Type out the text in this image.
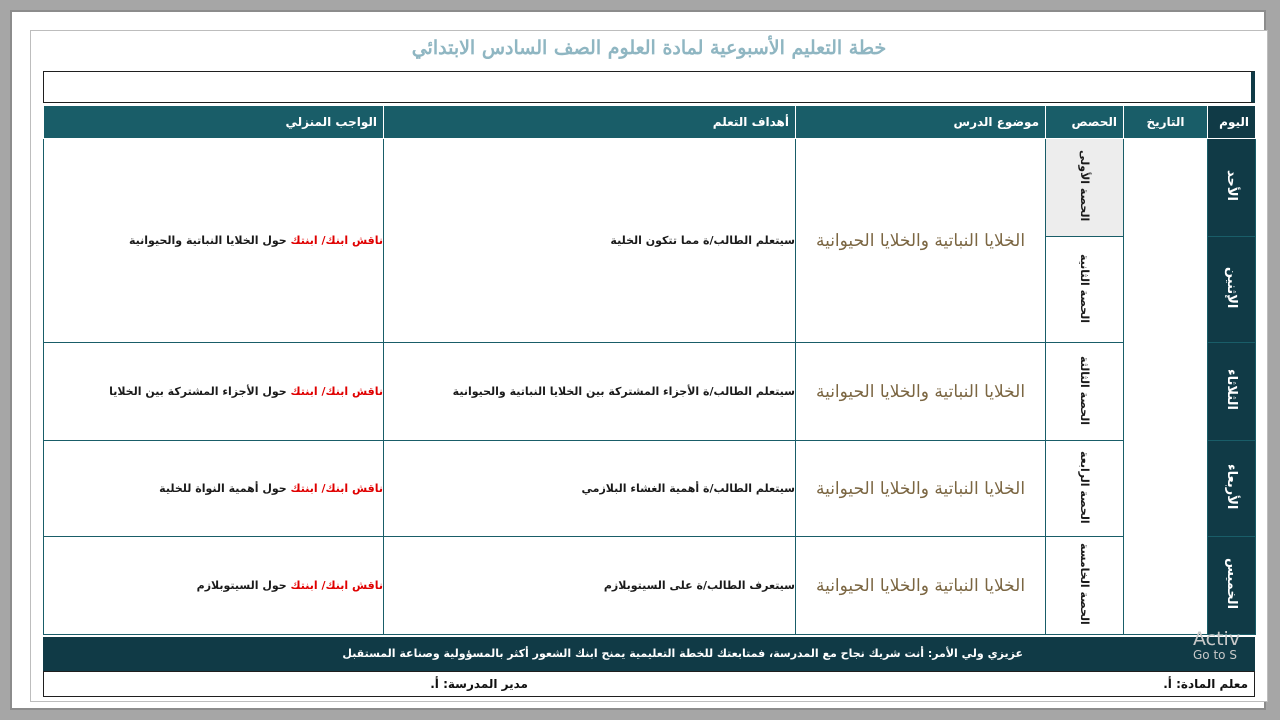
خطة التعليم الأسبوعية لمادة العلوم الصف السادس الابتدائي
اليوم	التاريخ	الحصص	موضوع الدرس	أهداف التعلم	الواجب المنزلي
الأحد		الحصة الأولى	الخلايا النباتية والخلايا الحيوانية	سيتعلم الطالب/ة مما تتكون الخلية	ناقش ابنك/ ابنتك حول الخلايا النباتية والحيوانية
الإثنين		الحصة الثانية			
الثلاثاء		الحصة الثالثة	الخلايا النباتية والخلايا الحيوانية	سيتعلم الطالب/ة الأجزاء المشتركة بين الخلايا النباتية والحيوانية	ناقش ابنك/ ابنتك حول الأجزاء المشتركة بين الخلايا
الأربعاء		الحصة الرابعة	الخلايا النباتية والخلايا الحيوانية	سيتعلم الطالب/ة أهمية الغشاء البلازمي	ناقش ابنك/ ابنتك حول أهمية النواة للخلية
الخميس		الحصة الخامسة	الخلايا النباتية والخلايا الحيوانية	سيتعرف الطالب/ة على السيتوبلازم	ناقش ابنك/ ابنتك حول السيتوبلازم
عزيزي ولي الأمر: أنت شريك نجاح مع المدرسة، فمتابعتك للخطة التعليمية يمنح ابنك الشعور أكثر بالمسؤولية وصناعة المستقبل
معلم المادة: أ.
مدير المدرسة: أ.
Activ
Go to S
